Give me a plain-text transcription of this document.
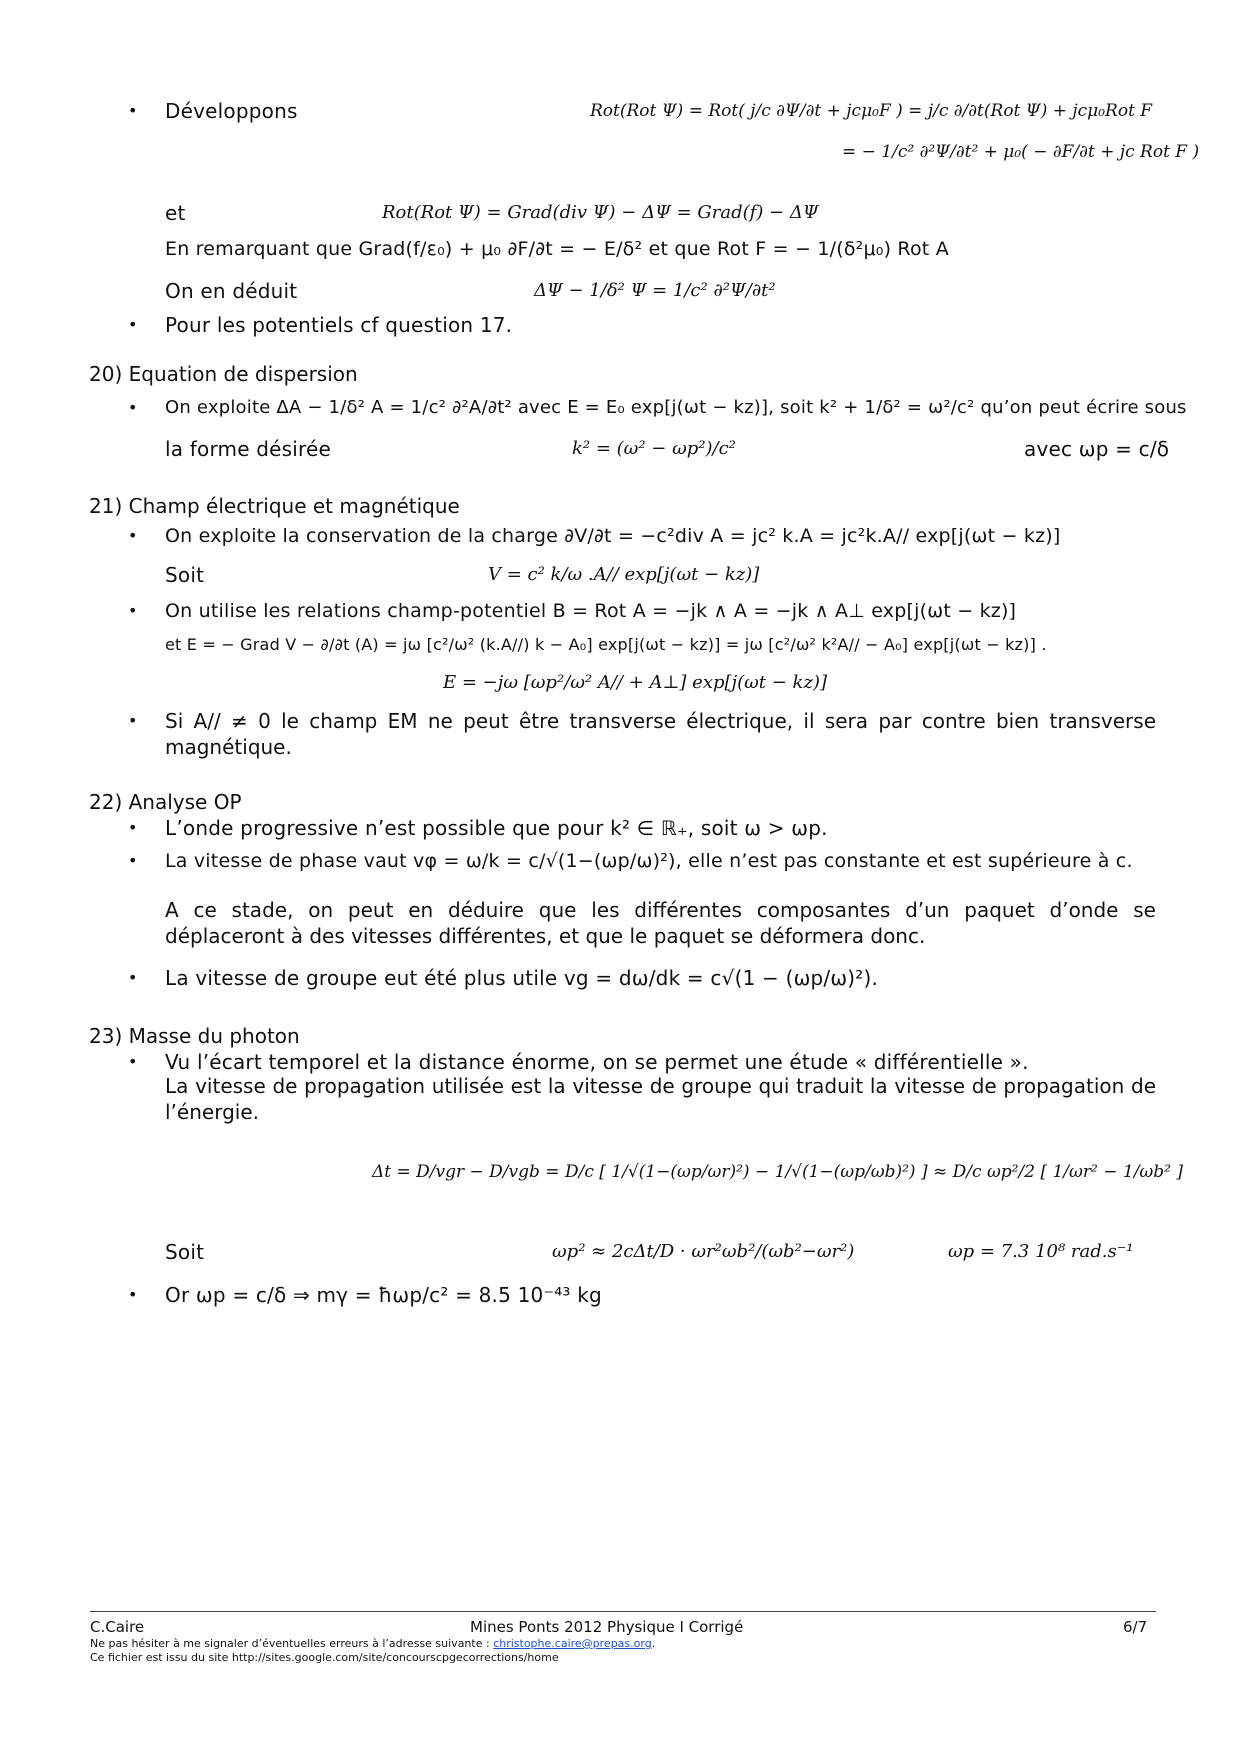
• Développons	Rot(Rot Ψ) = Rot( j/c ∂Ψ/∂t + jcμ₀F ) = j/c ∂/∂t(Rot Ψ) + jcμ₀Rot F
= − 1/c² ∂²Ψ/∂t² + μ₀( − ∂F/∂t + jc Rot F )
et	Rot(Rot Ψ) = Grad(div Ψ) − ΔΨ = Grad(f) − ΔΨ
En remarquant que Grad(f/ε₀) + μ₀ ∂F/∂t = − E/δ² et que Rot F = − 1/(δ²μ₀) Rot A
On en déduit	ΔΨ − 1/δ² Ψ = 1/c² ∂²Ψ/∂t²
• Pour les potentiels cf question 17.
20) Equation de dispersion
• On exploite ΔA − 1/δ² A = 1/c² ∂²A/∂t² avec E = E₀ exp[j(ωt − kz)], soit k² + 1/δ² = ω²/c² qu’on peut écrire sous
la forme désirée	k² = (ω² − ωp²)/c²	avec ωp = c/δ
21) Champ électrique et magnétique
• On exploite la conservation de la charge ∂V/∂t = −c²div A = jc² k.A = jc²k.A// exp[j(ωt − kz)]
Soit	V = c² k/ω .A// exp[j(ωt − kz)]
• On utilise les relations champ-potentiel B = Rot A = −jk ∧ A = −jk ∧ A⊥ exp[j(ωt − kz)]
et E = − Grad V − ∂/∂t (A) = jω [c²/ω² (k.A//) k − A₀] exp[j(ωt − kz)] = jω [c²/ω² k²A// − A₀] exp[j(ωt − kz)] .
E = −jω [ωp²/ω² A// + A⊥] exp[j(ωt − kz)]
• Si A// ≠ 0 le champ EM ne peut être transverse électrique, il sera par contre bien transverse magnétique.
22) Analyse OP
• L’onde progressive n’est possible que pour k² ∈ ℝ₊, soit ω > ωp.
• La vitesse de phase vaut vφ = ω/k = c/√(1−(ωp/ω)²), elle n’est pas constante et est supérieure à c.
A ce stade, on peut en déduire que les différentes composantes d’un paquet d’onde se déplaceront à des vitesses différentes, et que le paquet se déformera donc.
• La vitesse de groupe eut été plus utile vg = dω/dk = c√(1 − (ωp/ω)²).
23) Masse du photon
• Vu l’écart temporel et la distance énorme, on se permet une étude « différentielle ».
La vitesse de propagation utilisée est la vitesse de groupe qui traduit la vitesse de propagation de l’énergie.
Δt = D/vgr − D/vgb = D/c [ 1/√(1−(ωp/ωr)²) − 1/√(1−(ωp/ωb)²) ] ≈ D/c ωp²/2 [ 1/ωr² − 1/ωb² ]
Soit	ωp² ≈ 2cΔt/D · ωr²ωb²/(ωb²−ωr²)	ωp = 7.3 10⁸ rad.s⁻¹
• Or ωp = c/δ ⇒ mγ = ħωp/c² = 8.5 10⁻⁴³ kg
C.Caire	Mines Ponts 2012 Physique I Corrigé	6/7
Ne pas hésiter à me signaler d’éventuelles erreurs à l’adresse suivante : christophe.caire@prepas.org.
Ce fichier est issu du site http://sites.google.com/site/concourscpgecorrections/home
